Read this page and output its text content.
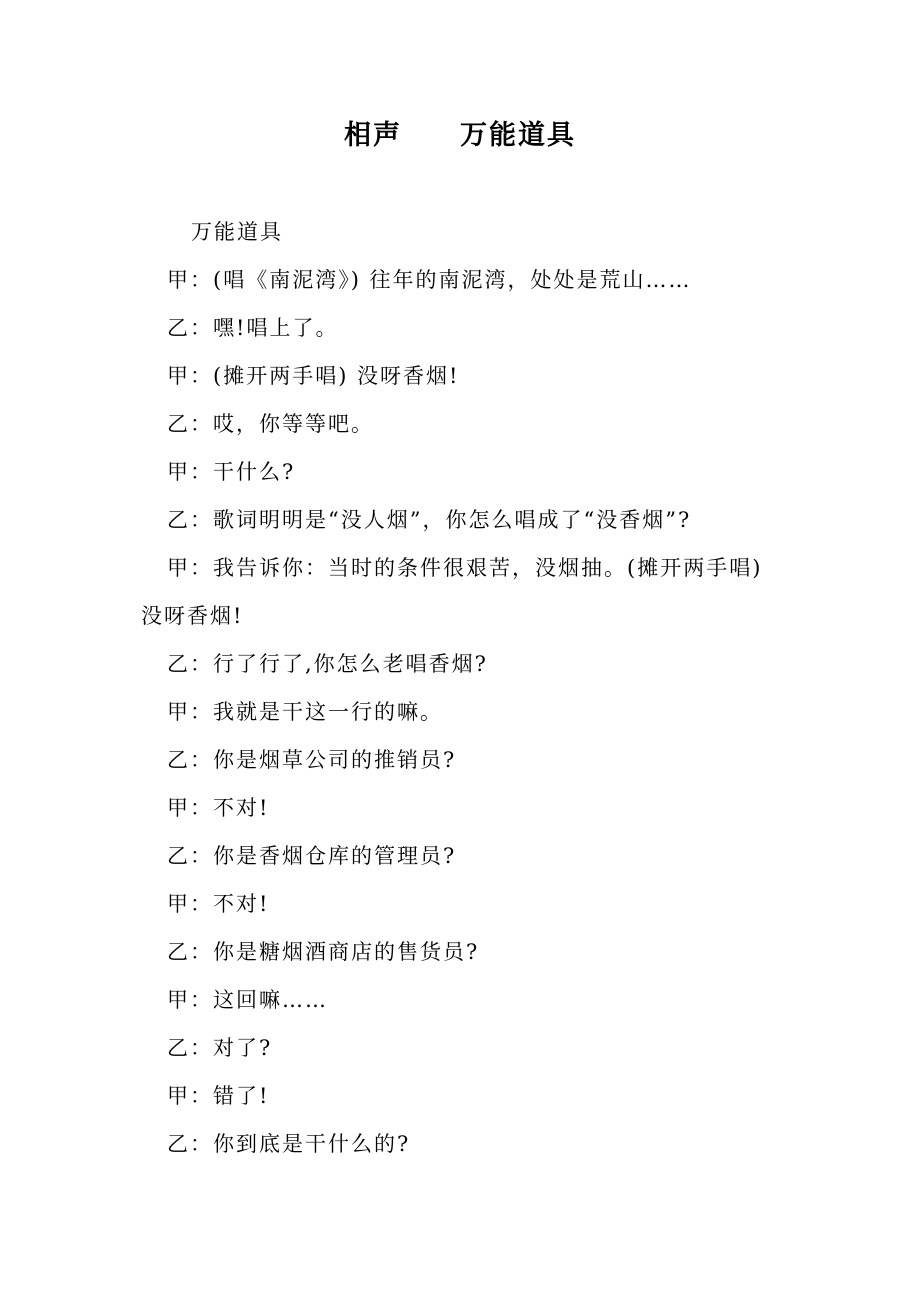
相声　　万能道具

万能道具

甲：(唱《南泥湾》) 往年的南泥湾，处处是荒山……

乙：嘿!唱上了。

甲：(摊开两手唱) 没呀香烟!

乙：哎，你等等吧。

甲：干什么?

乙：歌词明明是“没人烟”，你怎么唱成了“没香烟”?

甲：我告诉你：当时的条件很艰苦，没烟抽。(摊开两手唱) 没呀香烟!

乙：行了行了,你怎么老唱香烟?

甲：我就是干这一行的嘛。

乙：你是烟草公司的推销员?

甲：不对!

乙：你是香烟仓库的管理员?

甲：不对!

乙：你是糖烟酒商店的售货员?

甲：这回嘛……

乙：对了?

甲：错了!

乙：你到底是干什么的?
